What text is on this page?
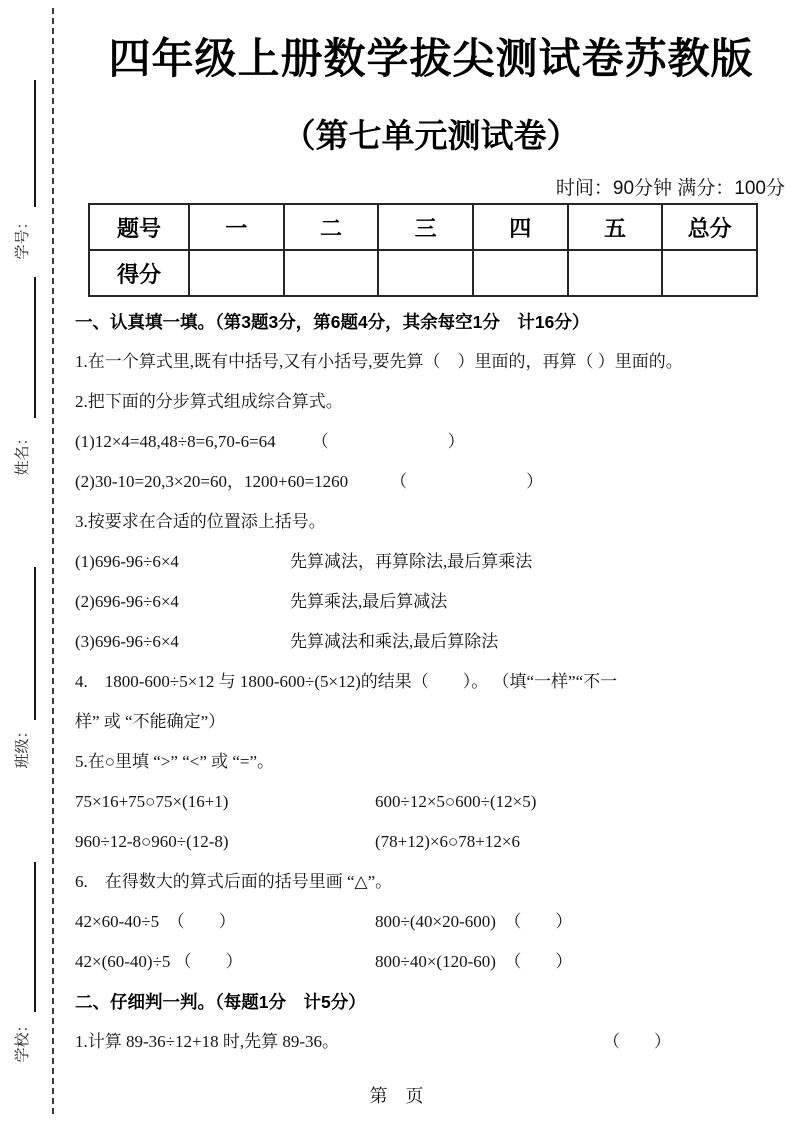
学号：
姓名：
班级：
学校：
四年级上册数学拔尖测试卷苏教版
（第七单元测试卷）
时间：90分钟 满分：100分
题号	一	二	三	四	五	总分
得分						
一、认真填一填。（第3题3分，第6题4分，其余每空1分　计16分）
1.在一个算式里,既有中括号,又有小括号,要先算（　）里面的，再算（ ）里面的。
2.把下面的分步算式组成综合算式。
(1)12×4=48,48÷8=6,70-6=64 （　　　　　　　）
(2)30-10=20,3×20=60，1200+60=1260 （　　　　　　　）
3.按要求在合适的位置添上括号。
(1)696-96÷6×4	先算减法，再算除法,最后算乘法
(2)696-96÷6×4	先算乘法,最后算减法
(3)696-96÷6×4	先算减法和乘法,最后算除法
4.　1800-600÷5×12 与 1800-600÷(5×12)的结果（　　）。 （填“一样”“不一
样” 或 “不能确定”）
5.在○里填 “>” “<” 或 “=”。
75×16+75○75×(16+1)	600÷12×5○600÷(12×5)
960÷12-8○960÷(12-8)	(78+12)×6○78+12×6
6.　在得数大的算式后面的括号里画 “△”。
42×60-40÷5　（　　）	800÷(40×20-600)　（　　）
42×(60-40)÷5 （　　）	800÷40×(120-60)　（　　）
二、仔细判一判。（每题1分　计5分）
1.计算 89-36÷12+18 时,先算 89-36。	（　　）
第　页
